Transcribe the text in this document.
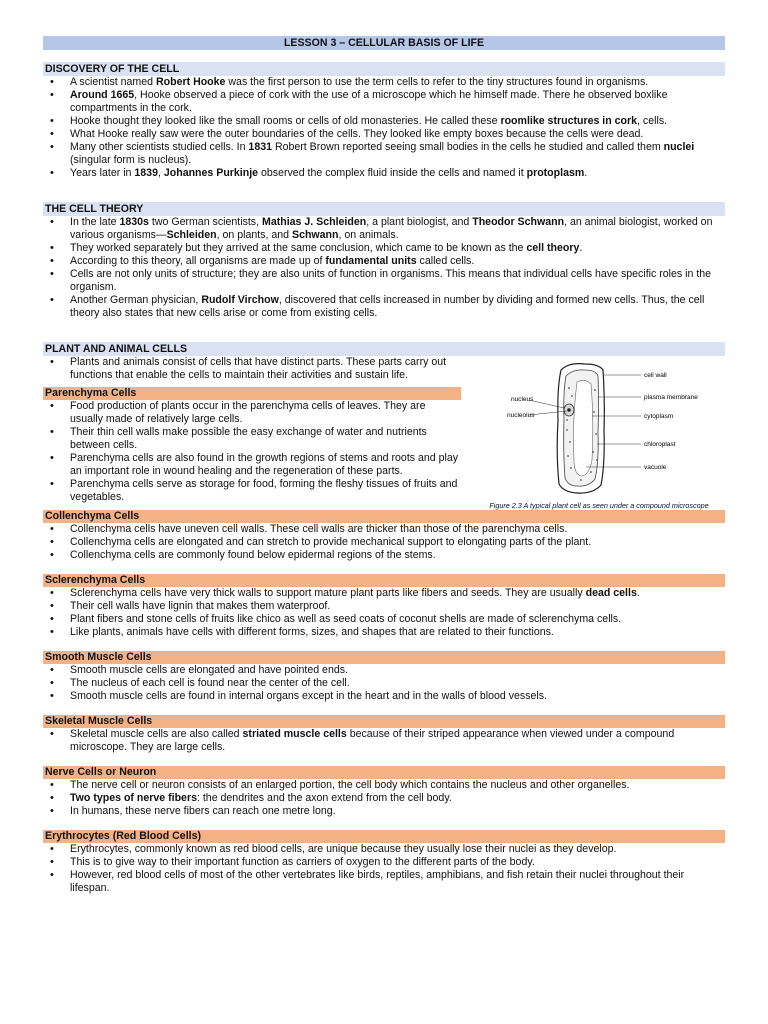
LESSON 3 – CELLULAR BASIS OF LIFE
DISCOVERY OF THE CELL
• A scientist named Robert Hooke was the first person to use the term cells to refer to the tiny structures found in organisms.
• Around 1665, Hooke observed a piece of cork with the use of a microscope which he himself made. There he observed boxlike compartments in the cork.
• Hooke thought they looked like the small rooms or cells of old monasteries. He called these roomlike structures in cork, cells.
• What Hooke really saw were the outer boundaries of the cells. They looked like empty boxes because the cells were dead.
• Many other scientists studied cells. In 1831 Robert Brown reported seeing small bodies in the cells he studied and called them nuclei (singular form is nucleus).
• Years later in 1839, Johannes Purkinje observed the complex fluid inside the cells and named it protoplasm.
THE CELL THEORY
• In the late 1830s two German scientists, Mathias J. Schleiden, a plant biologist, and Theodor Schwann, an animal biologist, worked on various organisms—Schleiden, on plants, and Schwann, on animals.
• They worked separately but they arrived at the same conclusion, which came to be known as the cell theory.
• According to this theory, all organisms are made up of fundamental units called cells.
• Cells are not only units of structure; they are also units of function in organisms. This means that individual cells have specific roles in the organism.
• Another German physician, Rudolf Virchow, discovered that cells increased in number by dividing and formed new cells. Thus, the cell theory also states that new cells arise or come from existing cells.
PLANT AND ANIMAL CELLS
• Plants and animals consist of cells that have distinct parts. These parts carry out functions that enable the cells to maintain their activities and sustain life.
Parenchyma Cells
• Food production of plants occur in the parenchyma cells of leaves. They are usually made of relatively large cells.
• Their thin cell walls make possible the easy exchange of water and nutrients between cells.
• Parenchyma cells are also found in the growth regions of stems and roots and play an important role in wound healing and the regeneration of these parts.
• Parenchyma cells serve as storage for food, forming the fleshy tissues of fruits and vegetables.
nucleus
nucleolus
cell wall
plasma membrane
cytoplasm
chloroplast
vacuole
Figure 2.3 A typical plant cell as seen under a compound microscope
Collenchyma Cells
• Collenchyma cells have uneven cell walls. These cell walls are thicker than those of the parenchyma cells.
• Collenchyma cells are elongated and can stretch to provide mechanical support to elongating parts of the plant.
• Collenchyma cells are commonly found below epidermal regions of the stems.
Sclerenchyma Cells
• Sclerenchyma cells have very thick walls to support mature plant parts like fibers and seeds. They are usually dead cells.
• Their cell walls have lignin that makes them waterproof.
• Plant fibers and stone cells of fruits like chico as well as seed coats of coconut shells are made of sclerenchyma cells.
• Like plants, animals have cells with different forms, sizes, and shapes that are related to their functions.
Smooth Muscle Cells
• Smooth muscle cells are elongated and have pointed ends.
• The nucleus of each cell is found near the center of the cell.
• Smooth muscle cells are found in internal organs except in the heart and in the walls of blood vessels.
Skeletal Muscle Cells
• Skeletal muscle cells are also called striated muscle cells because of their striped appearance when viewed under a compound microscope. They are large cells.
Nerve Cells or Neuron
• The nerve cell or neuron consists of an enlarged portion, the cell body which contains the nucleus and other organelles.
• Two types of nerve fibers: the dendrites and the axon extend from the cell body.
• In humans, these nerve fibers can reach one metre long.
Erythrocytes (Red Blood Cells)
• Erythrocytes, commonly known as red blood cells, are unique because they usually lose their nuclei as they develop.
• This is to give way to their important function as carriers of oxygen to the different parts of the body.
• However, red blood cells of most of the other vertebrates like birds, reptiles, amphibians, and fish retain their nuclei throughout their lifespan.
